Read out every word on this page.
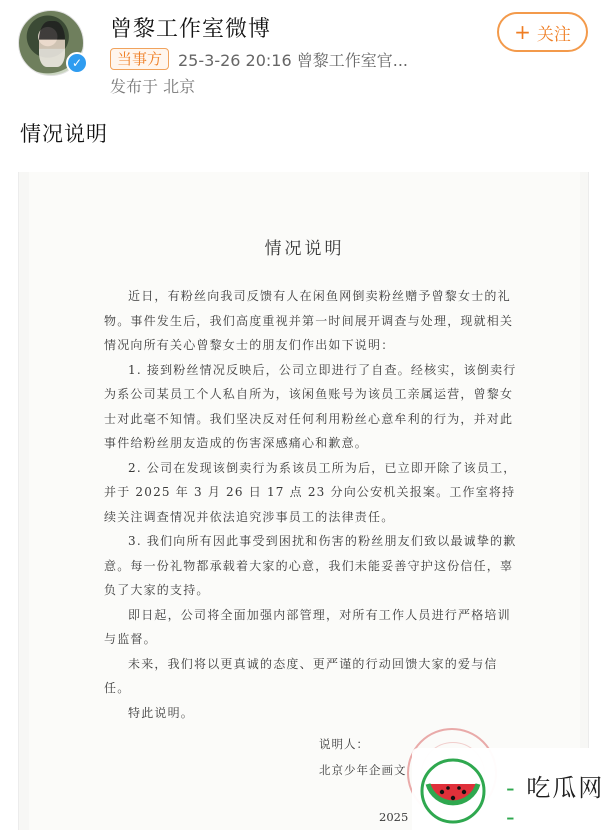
✓
曾黎工作室微博
当事方 25-3-26 20:16 曾黎工作室官...
发布于 北京
+ 关注
情况说明
情况说明

近日，有粉丝向我司反馈有人在闲鱼网倒卖粉丝赠予曾黎女士的礼物。事件发生后，我们高度重视并第一时间展开调查与处理，现就相关情况向所有关心曾黎女士的朋友们作出如下说明：

1. 接到粉丝情况反映后，公司立即进行了自查。经核实，该倒卖行为系公司某员工个人私自所为，该闲鱼账号为该员工亲属运营，曾黎女士对此毫不知情。我们坚决反对任何利用粉丝心意牟利的行为，并对此事件给粉丝朋友造成的伤害深感痛心和歉意。

2. 公司在发现该倒卖行为系该员工所为后，已立即开除了该员工，并于 2025 年 3 月 26 日 17 点 23 分向公安机关报案。工作室将持续关注调查情况并依法追究涉事员工的法律责任。

3. 我们向所有因此事受到困扰和伤害的粉丝朋友们致以最诚挚的歉意。每一份礼物都承载着大家的心意，我们未能妥善守护这份信任，辜负了大家的支持。

即日起，公司将全面加强内部管理，对所有工作人员进行严格培训与监督。

未来，我们将以更真诚的态度、更严谨的行动回馈大家的爱与信任。

特此说明。

说明人：
北京少年企画文
2025
- 吃瓜网 -
